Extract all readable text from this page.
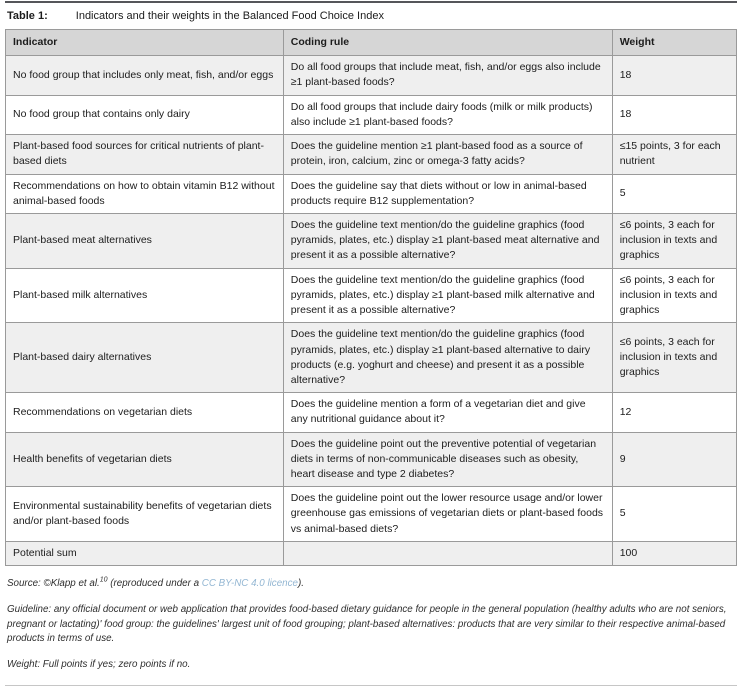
Table 1:	Indicators and their weights in the Balanced Food Choice Index
Indicator	Coding rule	Weight
No food group that includes only meat, fish, and/or eggs	Do all food groups that include meat, fish, and/or eggs also include ≥1 plant-based foods?	18
No food group that contains only dairy	Do all food groups that include dairy foods (milk or milk products) also include ≥1 plant-based foods?	18
Plant-based food sources for critical nutrients of plant-based diets	Does the guideline mention ≥1 plant-based food as a source of protein, iron, calcium, zinc or omega-3 fatty acids?	≤15 points, 3 for each nutrient
Recommendations on how to obtain vitamin B12 without animal-based foods	Does the guideline say that diets without or low in animal-based products require B12 supplementation?	5
Plant-based meat alternatives	Does the guideline text mention/do the guideline graphics (food pyramids, plates, etc.) display ≥1 plant-based meat alternative and present it as a possible alternative?	≤6 points, 3 each for inclusion in texts and graphics
Plant-based milk alternatives	Does the guideline text mention/do the guideline graphics (food pyramids, plates, etc.) display ≥1 plant-based milk alternative and present it as a possible alternative?	≤6 points, 3 each for inclusion in texts and graphics
Plant-based dairy alternatives	Does the guideline text mention/do the guideline graphics (food pyramids, plates, etc.) display ≥1 plant-based alternative to dairy products (e.g. yoghurt and cheese) and present it as a possible alternative?	≤6 points, 3 each for inclusion in texts and graphics
Recommendations on vegetarian diets	Does the guideline mention a form of a vegetarian diet and give any nutritional guidance about it?	12
Health benefits of vegetarian diets	Does the guideline point out the preventive potential of vegetarian diets in terms of non-communicable diseases such as obesity, heart disease and type 2 diabetes?	9
Environmental sustainability benefits of vegetarian diets and/or plant-based foods	Does the guideline point out the lower resource usage and/or lower greenhouse gas emissions of vegetarian diets or plant-based foods vs animal-based diets?	5
Potential sum		100

Source: ©Klapp et al.$^{10}$ (reproduced under a CC BY-NC 4.0 licence).

Guideline: any official document or web application that provides food-based dietary guidance for people in the general population (healthy adults who are not seniors, pregnant or lactating)' food group: the guidelines' largest unit of food grouping; plant-based alternatives: products that are very similar to their respective animal-based products in terms of use.

Weight: Full points if yes; zero points if no.
